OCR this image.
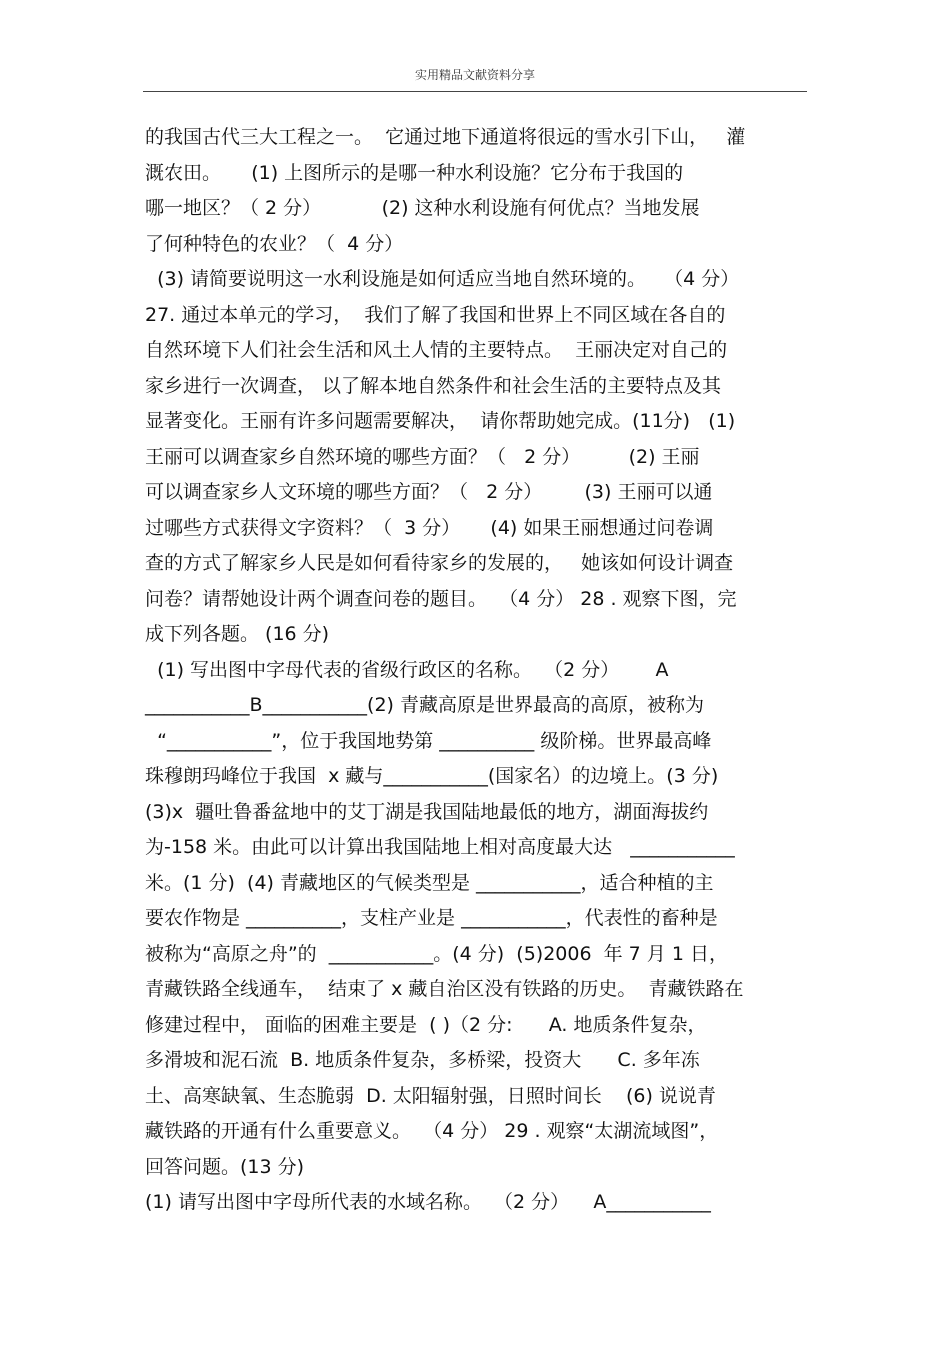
实用精品文献资料分享
的我国古代三大工程之一。  它通过地下通道将很远的雪水引下山，   灌
溉农田。     (1) 上图所示的是哪一种水利设施？它分布于我国的
哪一地区？（ 2 分）          (2) 这种水利设施有何优点？当地发展
了何种特色的农业？（  4 分）
(3) 请简要说明这一水利设施是如何适应当地自然环境的。   （4 分）
27. 通过本单元的学习，  我们了解了我国和世界上不同区域在各自的
自然环境下人们社会生活和风土人情的主要特点。  王丽决定对自己的
家乡进行一次调查， 以了解本地自然条件和社会生活的主要特点及其
显著变化。王丽有许多问题需要解决，  请你帮助她完成。(11分)   (1)
王丽可以调查家乡自然环境的哪些方面？（   2 分）        (2) 王丽
可以调查家乡人文环境的哪些方面？（   2 分）       (3) 王丽可以通
过哪些方式获得文字资料？（  3 分）     (4) 如果王丽想通过问卷调
查的方式了解家乡人民是如何看待家乡的发展的，   她该如何设计调查
问卷？请帮她设计两个调查问卷的题目。  （4 分） 28 . 观察下图，完
成下列各题。 (16 分)
(1) 写出图中字母代表的省级行政区的名称。  （2 分）      A
___________B___________(2) 青藏高原是世界最高的高原，被称为
“___________”，位于我国地势第 __________ 级阶梯。世界最高峰
珠穆朗玛峰位于我国  x 藏与___________(国家名）的边境上。(3 分)
(3)x  疆吐鲁番盆地中的艾丁湖是我国陆地最低的地方，湖面海拔约
为-158 米。由此可以计算出我国陆地上相对高度最大达   ___________
米。(1 分)  (4) 青藏地区的气候类型是 ___________，适合种植的主
要农作物是 __________，支柱产业是 ___________，代表性的畜种是
被称为“高原之舟”的  ___________。(4 分)  (5)2006  年 7 月 1 日，
青藏铁路全线通车，  结束了 x 藏自治区没有铁路的历史。  青藏铁路在
修建过程中， 面临的困难主要是  ( )（2 分:      A. 地质条件复杂，
多滑坡和泥石流  B. 地质条件复杂，多桥梁，投资大      C. 多年冻
土、高寒缺氧、生态脆弱  D. 太阳辐射强，日照时间长    (6) 说说青
藏铁路的开通有什么重要意义。  （4 分） 29 . 观察“太湖流域图”，
回答问题。(13 分)
(1) 请写出图中字母所代表的水域名称。  （2 分）    A___________
